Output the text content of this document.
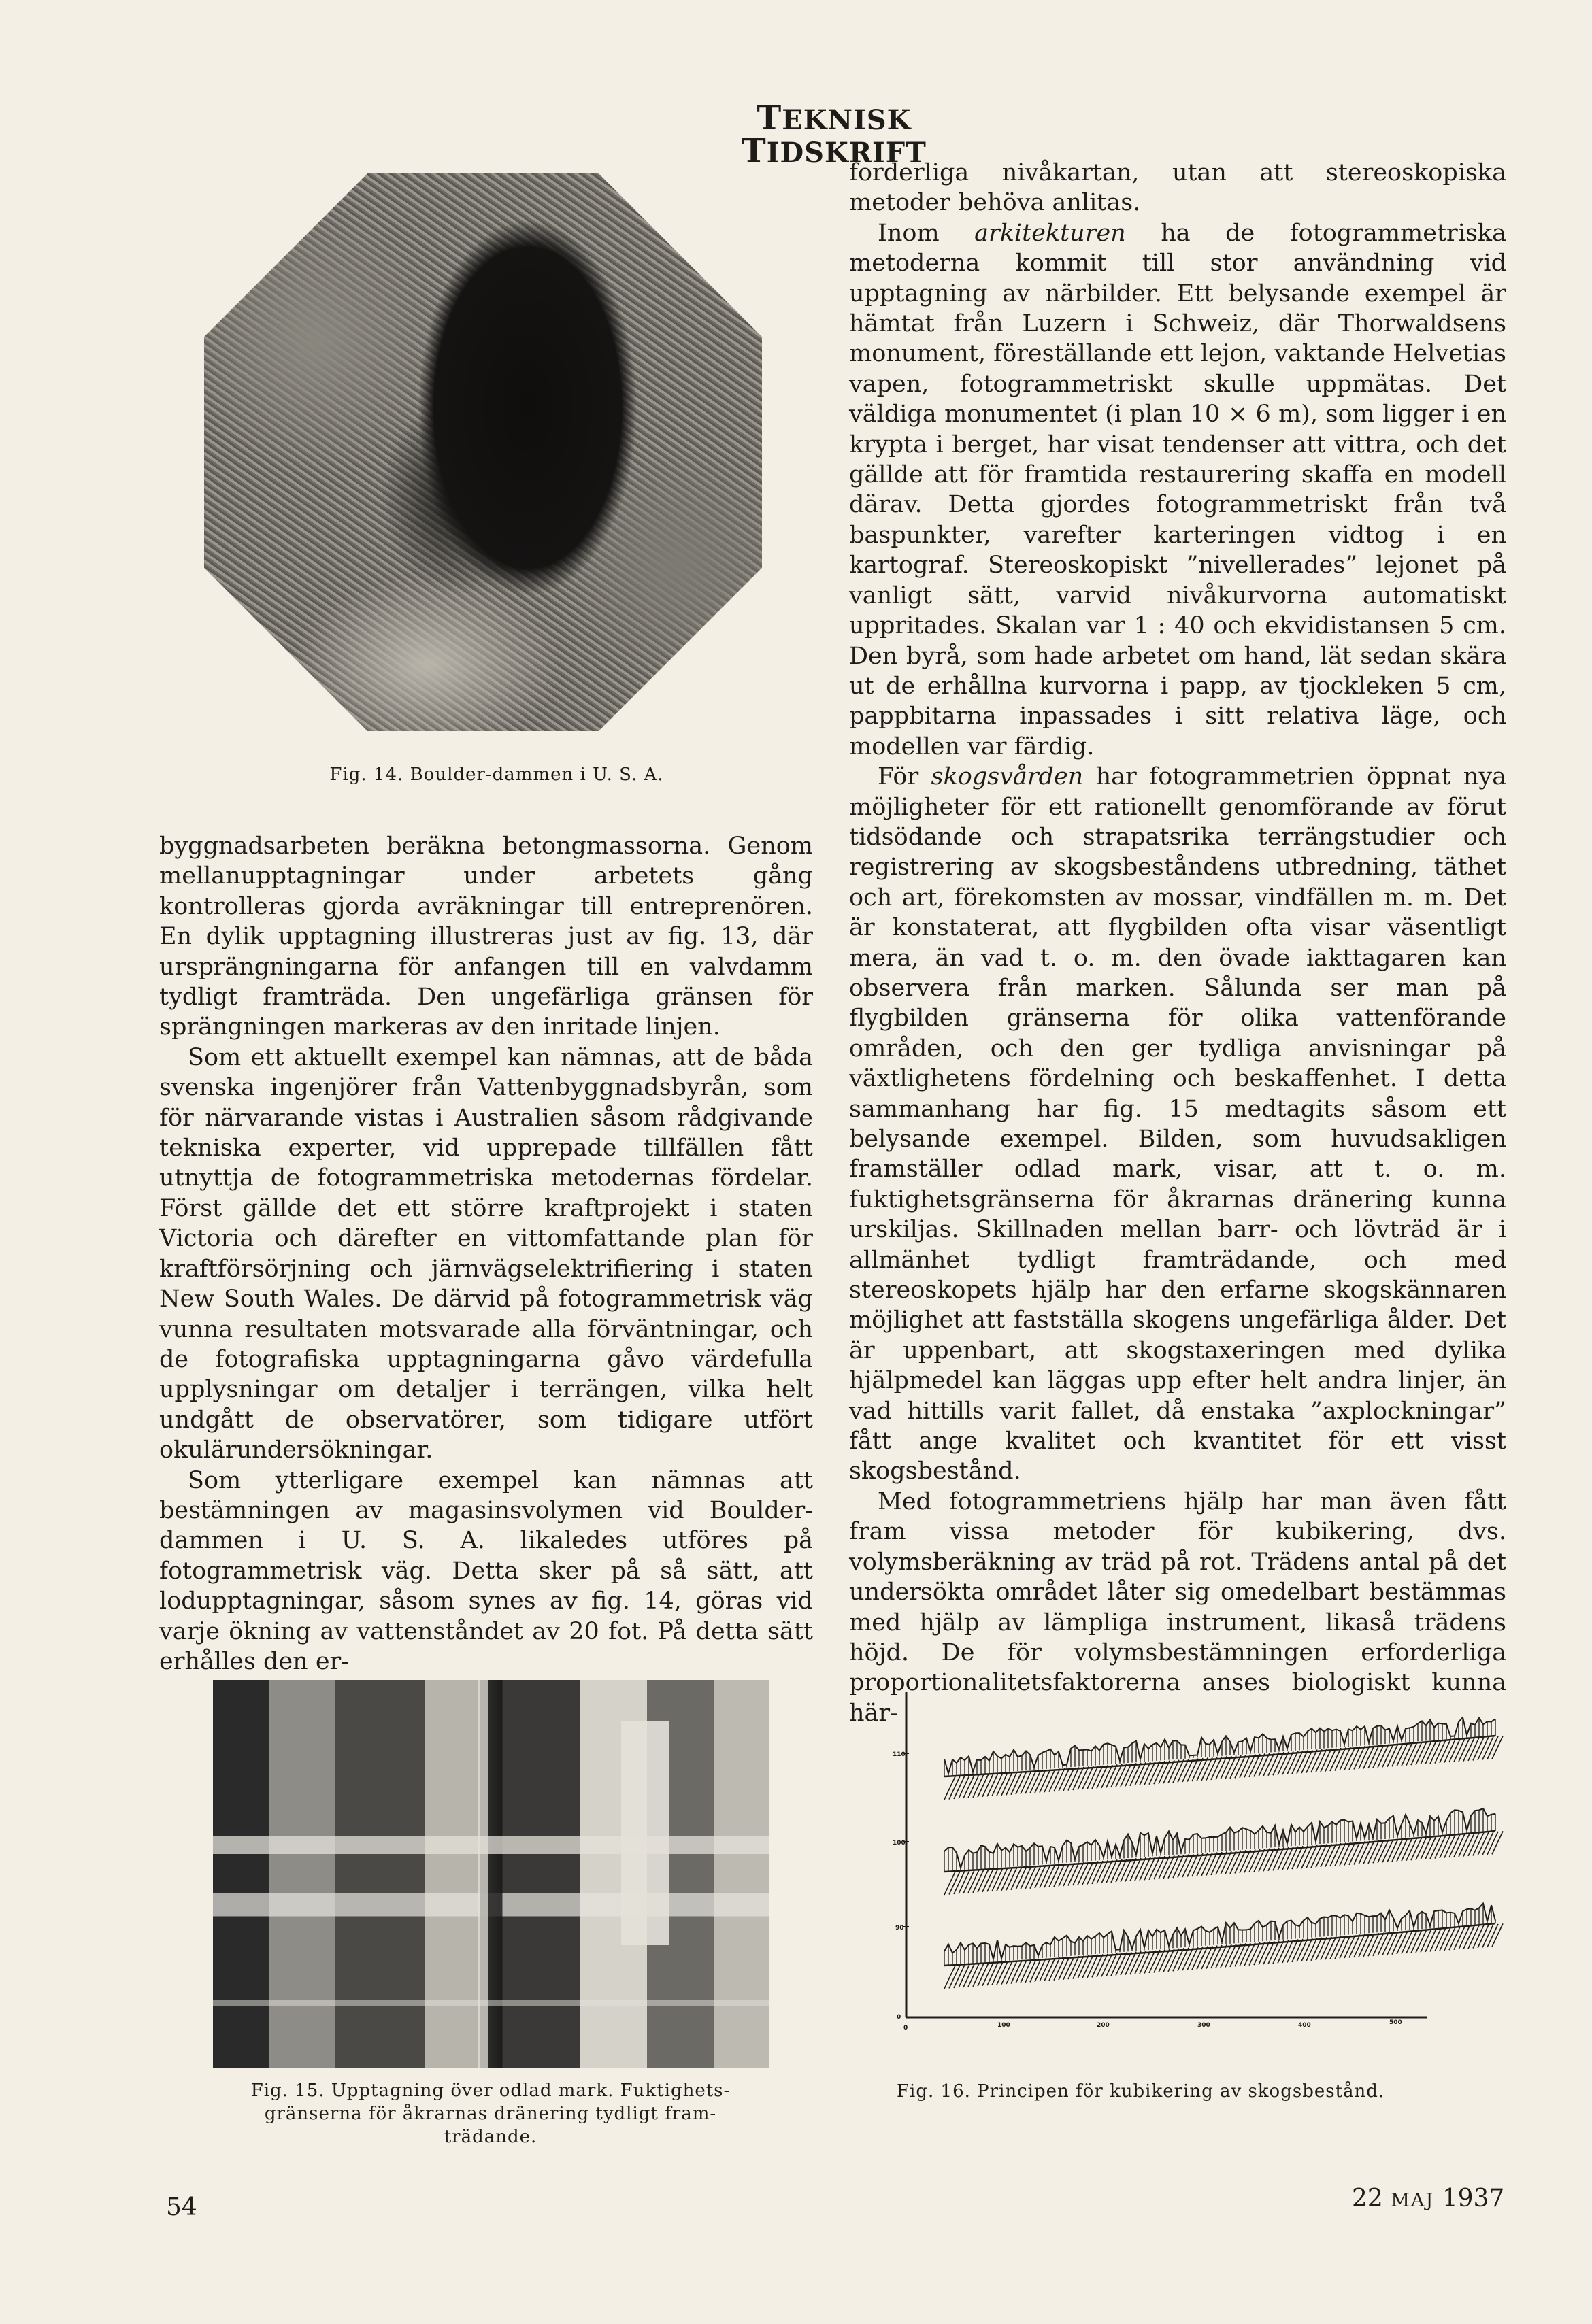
TEKNISK TIDSKRIFT
Fig. 14. Boulder-dammen i U. S. A.

byggnadsarbeten beräkna betongmassorna. Genom mellanupptagningar under arbetets gång kontrolleras gjorda avräkningar till entreprenören. En dylik upptagning illustreras just av fig. 13, där ursprängningarna för anfangen till en valvdamm tydligt framträda. Den ungefärliga gränsen för sprängningen markeras av den inritade linjen.

Som ett aktuellt exempel kan nämnas, att de båda svenska ingenjörer från Vattenbyggnadsbyrån, som för närvarande vistas i Australien såsom rådgivande tekniska experter, vid upprepade tillfällen fått utnyttja de fotogrammetriska metodernas fördelar. Först gällde det ett större kraftprojekt i staten Victoria och därefter en vittomfattande plan för kraftförsörjning och järnvägselektrifiering i staten New South Wales. De därvid på fotogrammetrisk väg vunna resultaten motsvarade alla förväntningar, och de fotografiska upptagningarna gåvo värdefulla upplysningar om detaljer i terrängen, vilka helt undgått de observatörer, som tidigare utfört okulärundersökningar.

Som ytterligare exempel kan nämnas att bestämningen av magasinsvolymen vid Boulder-dammen i U. S. A. likaledes utföres på fotogrammetrisk väg. Detta sker på så sätt, att lodupptagningar, såsom synes av fig. 14, göras vid varje ökning av vattenståndet av 20 fot. På detta sätt erhålles den er-

forderliga nivåkartan, utan att stereoskopiska metoder behöva anlitas.

Inom arkitekturen ha de fotogrammetriska metoderna kommit till stor användning vid upptagning av närbilder. Ett belysande exempel är hämtat från Luzern i Schweiz, där Thorwaldsens monument, föreställande ett lejon, vaktande Helvetias vapen, fotogrammetriskt skulle uppmätas. Det väldiga monumentet (i plan 10 × 6 m), som ligger i en krypta i berget, har visat tendenser att vittra, och det gällde att för framtida restaurering skaffa en modell därav. Detta gjordes fotogrammetriskt från två baspunkter, varefter karteringen vidtog i en kartograf. Stereoskopiskt ”nivellerades” lejonet på vanligt sätt, varvid nivåkurvorna automatiskt uppritades. Skalan var 1 : 40 och ekvidistansen 5 cm. Den byrå, som hade arbetet om hand, lät sedan skära ut de erhållna kurvorna i papp, av tjockleken 5 cm, pappbitarna inpassades i sitt relativa läge, och modellen var färdig.

För skogsvården har fotogrammetrien öppnat nya möjligheter för ett rationellt genomförande av förut tidsödande och strapatsrika terrängstudier och registrering av skogsbeståndens utbredning, täthet och art, förekomsten av mossar, vindfällen m. m. Det är konstaterat, att flygbilden ofta visar väsentligt mera, än vad t. o. m. den övade iakttagaren kan observera från marken. Sålunda ser man på flygbilden gränserna för olika vattenförande områden, och den ger tydliga anvisningar på växtlighetens fördelning och beskaffenhet. I detta sammanhang har fig. 15 medtagits såsom ett belysande exempel. Bilden, som huvudsakligen framställer odlad mark, visar, att t. o. m. fuktighetsgränserna för åkrarnas dränering kunna urskiljas. Skillnaden mellan barr- och lövträd är i allmänhet tydligt framträdande, och med stereoskopets hjälp har den erfarne skogskännaren möjlighet att fastställa skogens ungefärliga ålder. Det är uppenbart, att skogstaxeringen med dylika hjälpmedel kan läggas upp efter helt andra linjer, än vad hittills varit fallet, då enstaka ”axplockningar” fått ange kvalitet och kvantitet för ett visst skogsbestånd.

Med fotogrammetriens hjälp har man även fått fram vissa metoder för kubikering, dvs. volymsberäkning av träd på rot. Trädens antal på det undersökta området låter sig omedelbart bestämmas med hjälp av lämpliga instrument, likaså trädens höjd. De för volymsbestämningen erforderliga proportionalitetsfaktorerna anses biologiskt kunna här-

Fig. 15. Upptagning över odlad mark. Fuktighets-
gränserna för åkrarnas dränering tydligt fram-
trädande.
110
100
90
0
0	100	200	300	400	500
Fig. 16. Principen för kubikering av skogsbestånd.
54	22 MAJ 1937
